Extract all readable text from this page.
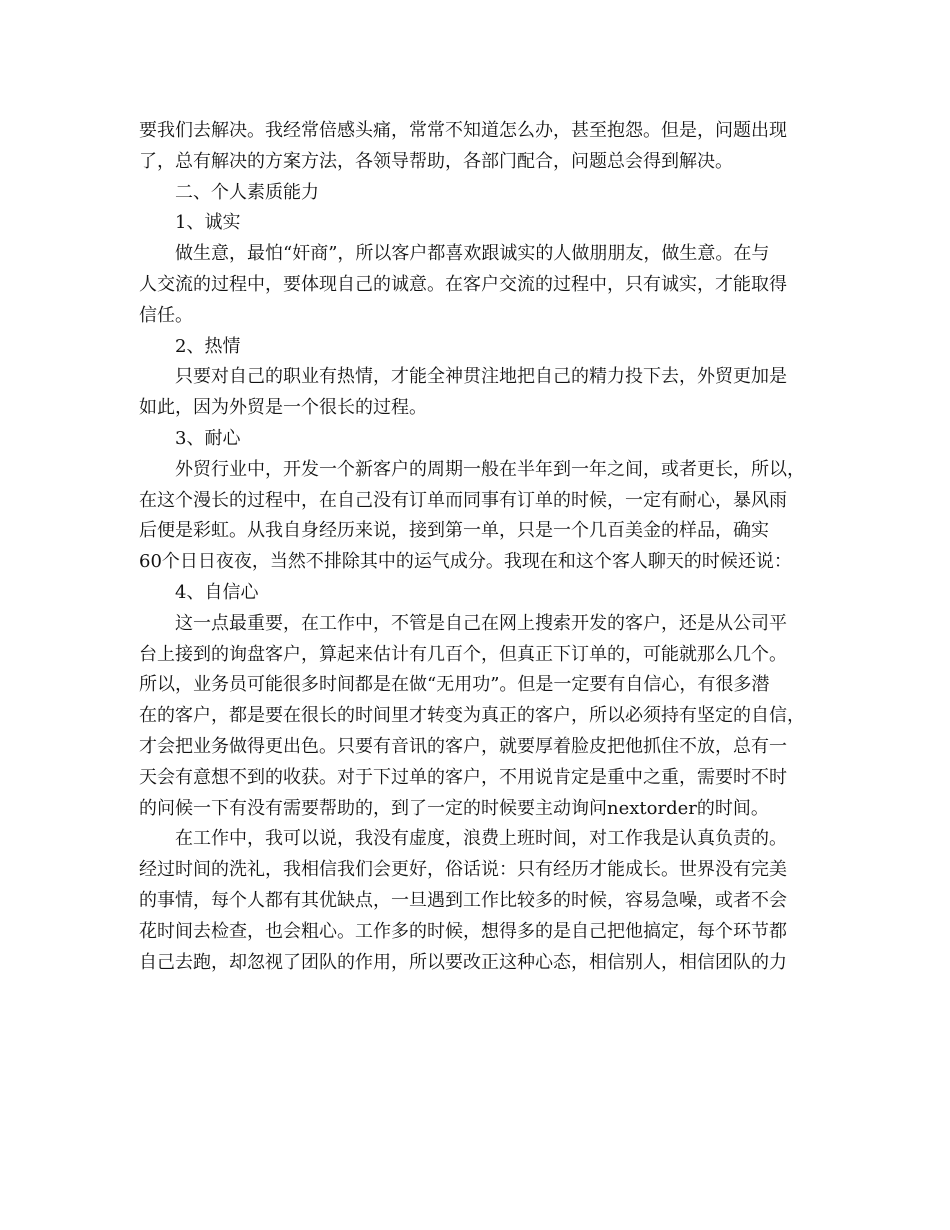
要我们去解决。我经常倍感头痛，常常不知道怎么办，甚至抱怨。但是，问题出现
了，总有解决的方案方法，各领导帮助，各部门配合，问题总会得到解决。
二、个人素质能力
1、诚实
做生意，最怕“奸商”，所以客户都喜欢跟诚实的人做朋朋友，做生意。在与
人交流的过程中，要体现自己的诚意。在客户交流的过程中，只有诚实，才能取得
信任。
2、热情
只要对自己的职业有热情，才能全神贯注地把自己的精力投下去，外贸更加是
如此，因为外贸是一个很长的过程。
3、耐心
外贸行业中，开发一个新客户的周期一般在半年到一年之间，或者更长，所以，
在这个漫长的过程中，在自己没有订单而同事有订单的时候，一定有耐心，暴风雨
后便是彩虹。从我自身经历来说，接到第一单，只是一个几百美金的样品，确实
60个日日夜夜，当然不排除其中的运气成分。我现在和这个客人聊天的时候还说：
4、自信心
这一点最重要，在工作中，不管是自己在网上搜索开发的客户，还是从公司平
台上接到的询盘客户，算起来估计有几百个，但真正下订单的，可能就那么几个。
所以，业务员可能很多时间都是在做“无用功”。但是一定要有自信心，有很多潜
在的客户，都是要在很长的时间里才转变为真正的客户，所以必须持有坚定的自信，
才会把业务做得更出色。只要有音讯的客户，就要厚着脸皮把他抓住不放，总有一
天会有意想不到的收获。对于下过单的客户，不用说肯定是重中之重，需要时不时
的问候一下有没有需要帮助的，到了一定的时候要主动询问nextorder的时间。
在工作中，我可以说，我没有虚度，浪费上班时间，对工作我是认真负责的。
经过时间的洗礼，我相信我们会更好，俗话说：只有经历才能成长。世界没有完美
的事情，每个人都有其优缺点，一旦遇到工作比较多的时候，容易急噪，或者不会
花时间去检查，也会粗心。工作多的时候，想得多的是自己把他搞定，每个环节都
自己去跑，却忽视了团队的作用，所以要改正这种心态，相信别人，相信团队的力
